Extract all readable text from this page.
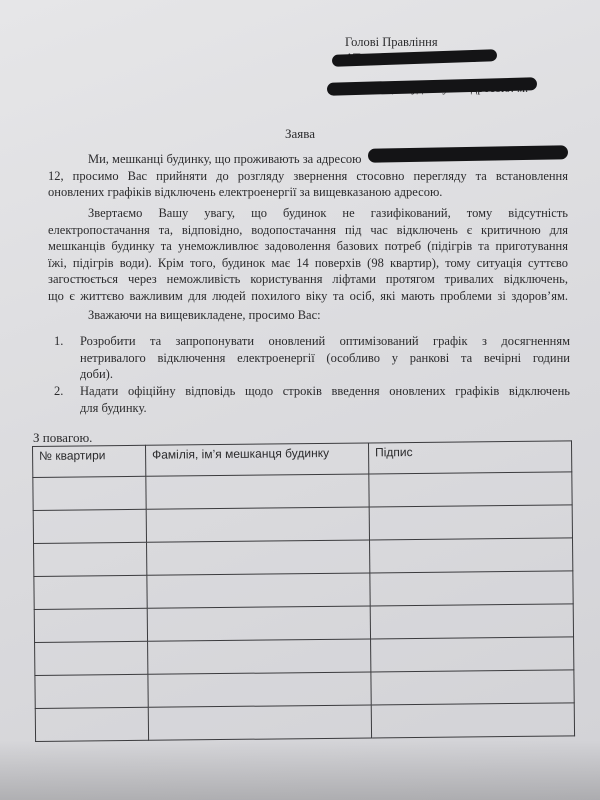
Голові Правління

Заява
Ми, мешканці будинку, що проживають за адресою
12, просимо Вас прийняти до розгляду звернення стосовно перегляду та встановлення
оновлених графіків відключень електроенергії за вищевказаною адресою.
Звертаємо Вашу увагу, що будинок не газифікований, тому відсутність
електропостачання та, відповідно, водопостачання під час відключень є критичною для
мешканців будинку та унеможливлює задоволення базових потреб (підігрів та приготування
їжі, підігрів води). Крім того, будинок має 14 поверхів (98 квартир), тому ситуація суттєво
загостюється через неможливість користування ліфтами протягом тривалих відключень,
що є життєво важливим для людей похилого віку та осіб, які мають проблеми зі здоров’ям.
Зважаючи на вищевикладене, просимо Вас:
1. Розробити та запропонувати оновлений оптимізований графік з досягненням
нетривалого відключення електроенергії (особливо у ранкові та вечірні години
доби).
2. Надати офіційну відповідь щодо строків введення оновлених графіків відключень
для будинку.
З повагою.
№ квартири	Фамілія, ім’я мешканця будинку	Підпис
